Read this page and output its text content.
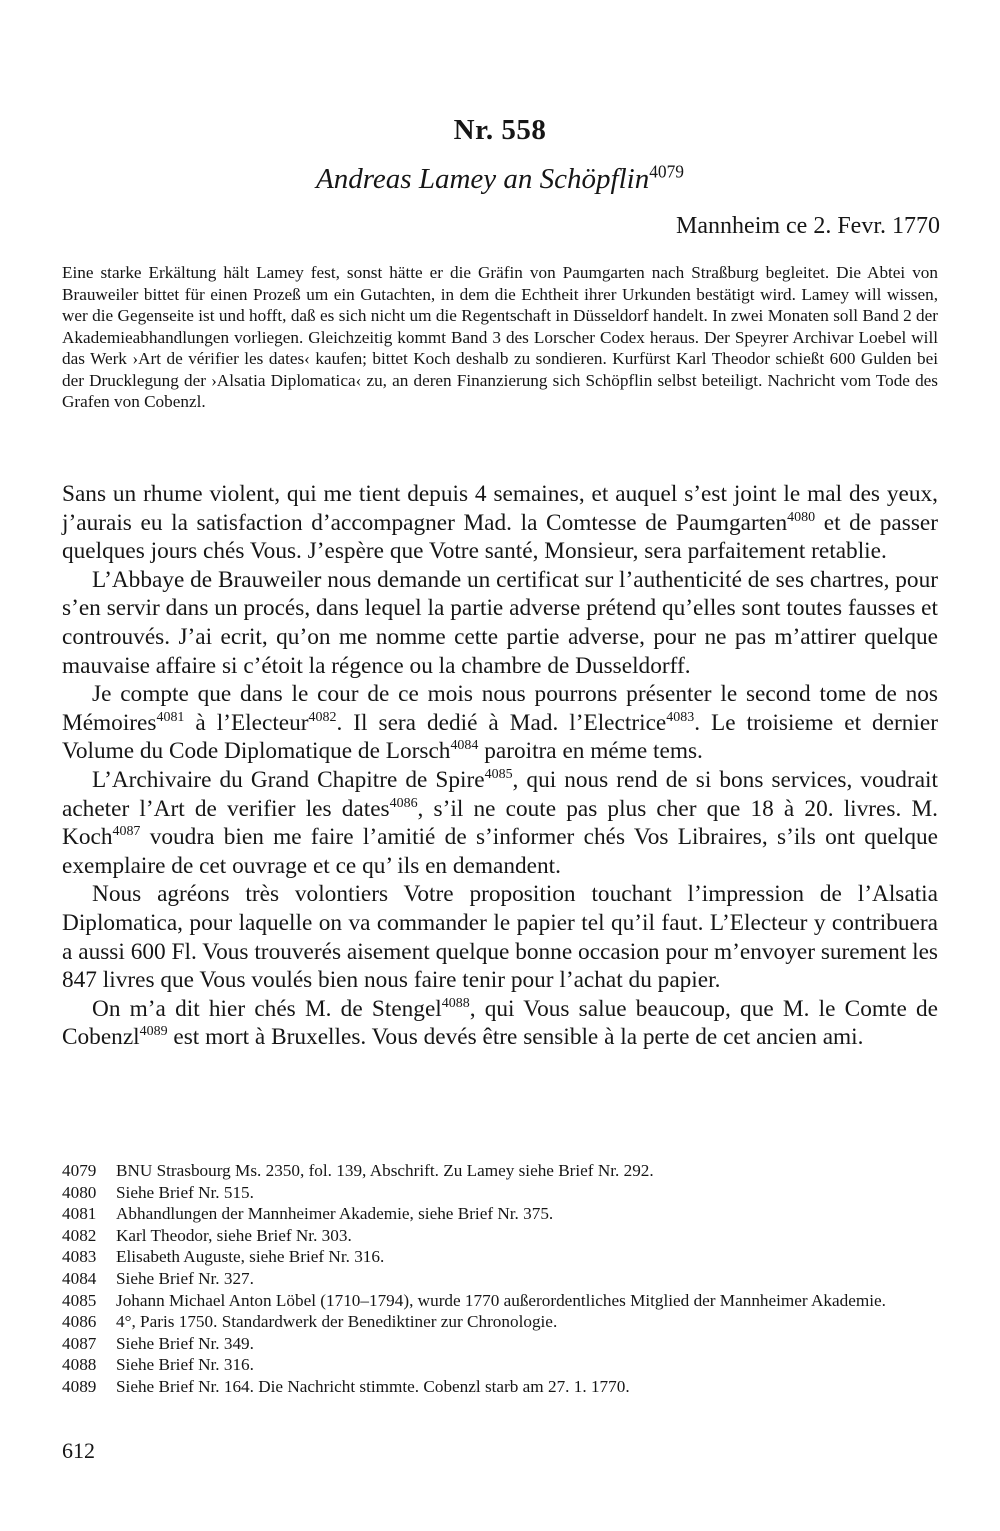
Nr. 558
Andreas Lamey an Schöpflin$^{4079}$
Mannheim ce 2. Fevr. 1770
Eine starke Erkältung hält Lamey fest, sonst hätte er die Gräfin von Paumgarten nach Straßburg begleitet. Die Abtei von Brauweiler bittet für einen Prozeß um ein Gutachten, in dem die Echtheit ihrer Urkunden bestätigt wird. Lamey will wissen, wer die Gegenseite ist und hofft, daß es sich nicht um die Regentschaft in Düsseldorf handelt. In zwei Monaten soll Band 2 der Akademieabhandlungen vorliegen. Gleichzeitig kommt Band 3 des Lorscher Codex heraus. Der Speyrer Archivar Loebel will das Werk ›Art de vérifier les dates‹ kaufen; bittet Koch deshalb zu sondieren. Kurfürst Karl Theodor schießt 600 Gulden bei der Drucklegung der ›Alsatia Diplomatica‹ zu, an deren Finanzierung sich Schöpflin selbst beteiligt. Nachricht vom Tode des Grafen von Cobenzl.

Sans un rhume violent, qui me tient depuis 4 semaines, et auquel s’est joint le mal des yeux, j’aurais eu la satisfaction d’accompagner Mad. la Comtesse de Paumgarten$^{4080}$ et de passer quelques jours chés Vous. J’espère que Votre santé, Monsieur, sera parfaitement retablie.

L’Abbaye de Brauweiler nous demande un certificat sur l’authenticité de ses chartres, pour s’en servir dans un procés, dans lequel la partie adverse prétend qu’elles sont toutes fausses et controuvés. J’ai ecrit, qu’on me nomme cette partie adverse, pour ne pas m’attirer quelque mauvaise affaire si c’étoit la régence ou la chambre de Dusseldorff.

Je compte que dans le cour de ce mois nous pourrons présenter le second tome de nos Mémoires$^{4081}$ à l’Electeur$^{4082}$. Il sera dedié à Mad. l’Electrice$^{4083}$. Le troisieme et dernier Volume du Code Diplomatique de Lorsch$^{4084}$ paroitra en méme tems.

L’Archivaire du Grand Chapitre de Spire$^{4085}$, qui nous rend de si bons services, voudrait acheter l’Art de verifier les dates$^{4086}$, s’il ne coute pas plus cher que 18 à 20. livres. M. Koch$^{4087}$ voudra bien me faire l’amitié de s’informer chés Vos Libraires, s’ils ont quelque exemplaire de cet ouvrage et ce qu’ ils en demandent.

Nous agréons très volontiers Votre proposition touchant l’impression de l’Alsatia Diplomatica, pour laquelle on va commander le papier tel qu’il faut. L’Electeur y contribuera a aussi 600 Fl. Vous trouverés aisement quelque bonne occasion pour m’envoyer surement les 847 livres que Vous voulés bien nous faire tenir pour l’achat du papier.

On m’a dit hier chés M. de Stengel$^{4088}$, qui Vous salue beaucoup, que M. le Comte de Cobenzl$^{4089}$ est mort à Bruxelles. Vous devés être sensible à la perte de cet ancien ami.

4079	BNU Strasbourg Ms. 2350, fol. 139, Abschrift. Zu Lamey siehe Brief Nr. 292.
4080	Siehe Brief Nr. 515.
4081	Abhandlungen der Mannheimer Akademie, siehe Brief Nr. 375.
4082	Karl Theodor, siehe Brief Nr. 303.
4083	Elisabeth Auguste, siehe Brief Nr. 316.
4084	Siehe Brief Nr. 327.
4085	Johann Michael Anton Löbel (1710–1794), wurde 1770 außerordentliches Mitglied der Mannheimer Akademie.
4086	4°, Paris 1750. Standardwerk der Benediktiner zur Chronologie.
4087	Siehe Brief Nr. 349.
4088	Siehe Brief Nr. 316.
4089	Siehe Brief Nr. 164. Die Nachricht stimmte. Cobenzl starb am 27. 1. 1770.
612
